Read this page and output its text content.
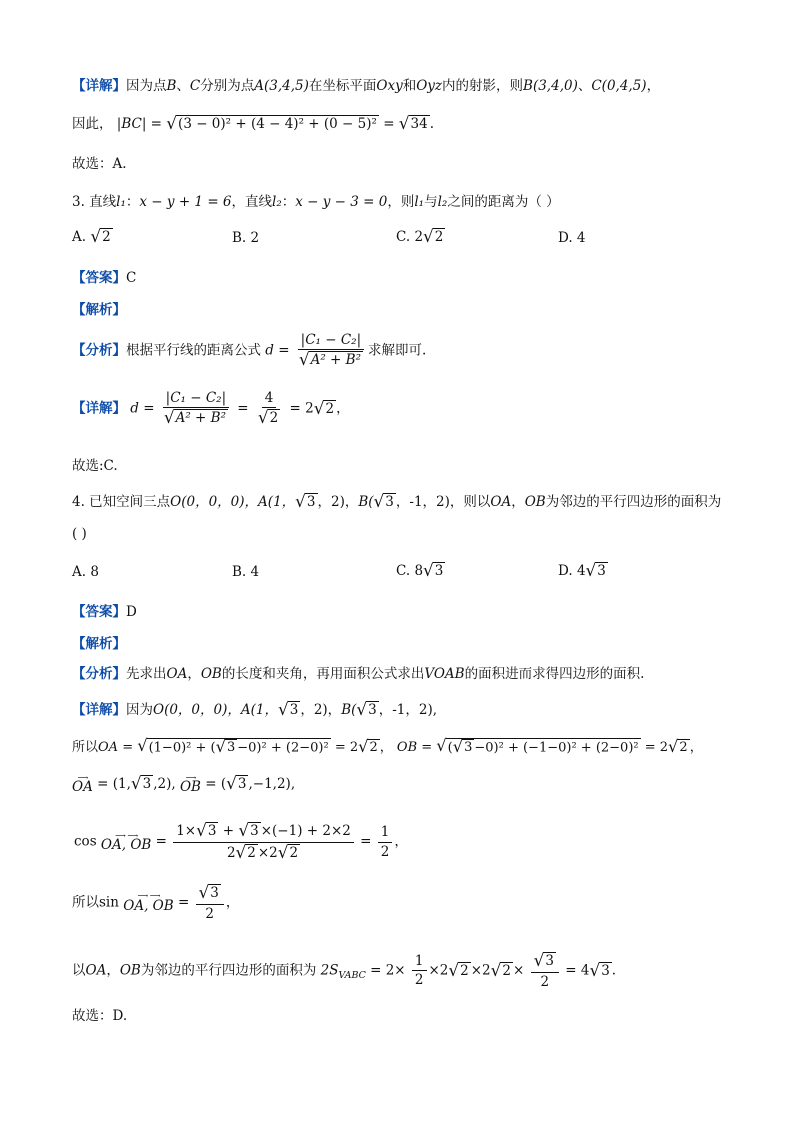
【详解】因为点B、C分别为点A(3,4,5)在坐标平面Oxy和Oyz内的射影，则B(3,4,0)、C(0,4,5)，
因此， |BC| = √ (3 − 0)² + (4 − 4)² + (0 − 5)² = √ 34 .
故选：A.
3. 直线l₁：x − y + 1 = 6，直线l₂：x − y − 3 = 0，则l₁与l₂之间的距离为（ ）
A. √ 2	B. 2	C. 2 √ 2	D. 4
【答案】C
【解析】
【分析】根据平行线的距离公式 $d = \frac{\text{|C₁ − C₂|}}{\text{√ A² + B²}}$ 求解即可.
【详解】 $d = \frac{\text{|C₁ − C₂|}}{\text{√ A² + B²}} = \frac{4}{√ 2} = 2$ √ 2 ，
故选:C.
4. 已知空间三点O(0，0，0)，A(1， √ 3 ，2)，B( √ 3 ，-1，2)，则以OA，OB为邻边的平行四边形的面积为
( )
A. 8	B. 4	C. 8 √ 3	D. 4 √ 3
【答案】D
【解析】
【分析】先求出OA，OB的长度和夹角，再用面积公式求出VOAB的面积进而求得四边形的面积.
【详解】因为O(0，0，0)，A(1， √ 3 ，2)，B( √ 3 ，-1，2),
所以OA = √ (1−0)² + ( √ 3 −0)² + (2−0)² = 2 √ 2 ， OB = √ ( √ 3 −0)² + (−1−0)² + (2−0)² = 2 √ 2 ，
⟶
OA = (1, √ 3 ,2), ⟶
OB = ( √ 3 ,−1,2),
cos ⟶  ⟶
OA, OB = $\frac{1\times √ 3 + √ 3 \times(-1) + 2\times 2}{2 √ 2 \times 2 √ 2} = \frac{1}{2}$ ，
所以sin ⟶  ⟶
OA, OB = $\frac{√ 3}{2}$ ，
以OA，OB为邻边的平行四边形的面积为 $2S_{VABC} = 2\times \frac{1}{2} \times 2$ √ 2 ×2 √ $2 \times \frac{√ 3}{2} = 4$ √ 3 .
故选：D.
